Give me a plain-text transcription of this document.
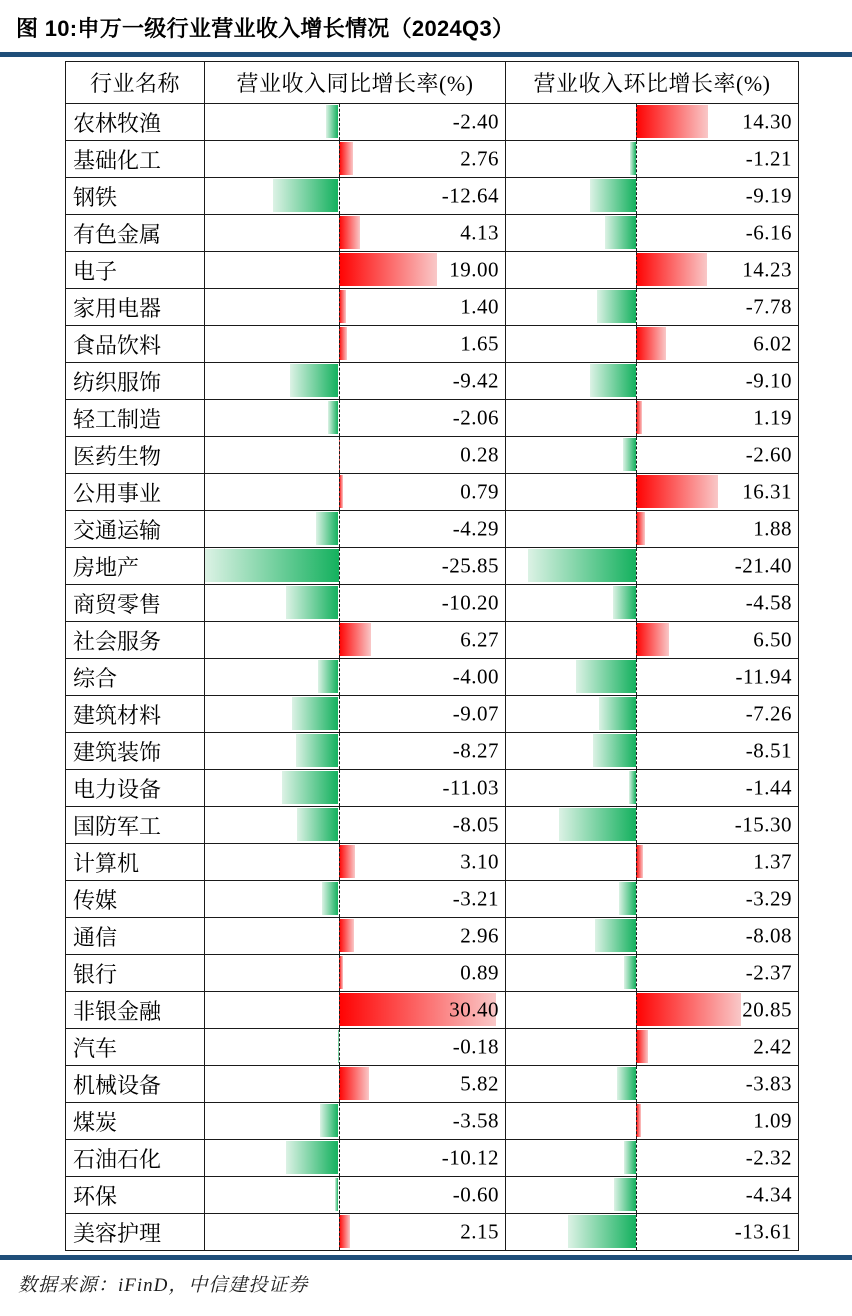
图 10:申万一级行业营业收入增长情况（2024Q3）
行业名称	营业收入同比增长率(%)	营业收入环比增长率(%)
农林牧渔	-2.40	14.30

基础化工	2.76	-1.21

钢铁	-12.64	-9.19

有色金属	4.13	-6.16

电子	19.00	14.23

家用电器	1.40	-7.78

食品饮料	1.65	6.02

纺织服饰	-9.42	-9.10

轻工制造	-2.06	1.19

医药生物	0.28	-2.60

公用事业	0.79	16.31

交通运输	-4.29	1.88

房地产	-25.85	-21.40

商贸零售	-10.20	-4.58

社会服务	6.27	6.50

综合	-4.00	-11.94

建筑材料	-9.07	-7.26

建筑装饰	-8.27	-8.51

电力设备	-11.03	-1.44

国防军工	-8.05	-15.30

计算机	3.10	1.37

传媒	-3.21	-3.29

通信	2.96	-8.08

银行	0.89	-2.37

非银金融	30.40	20.85

汽车	-0.18	2.42

机械设备	5.82	-3.83

煤炭	-3.58	1.09

石油石化	-10.12	-2.32

环保	-0.60	-4.34

美容护理	2.15	-13.61
数据来源：iFinD，中信建投证券
